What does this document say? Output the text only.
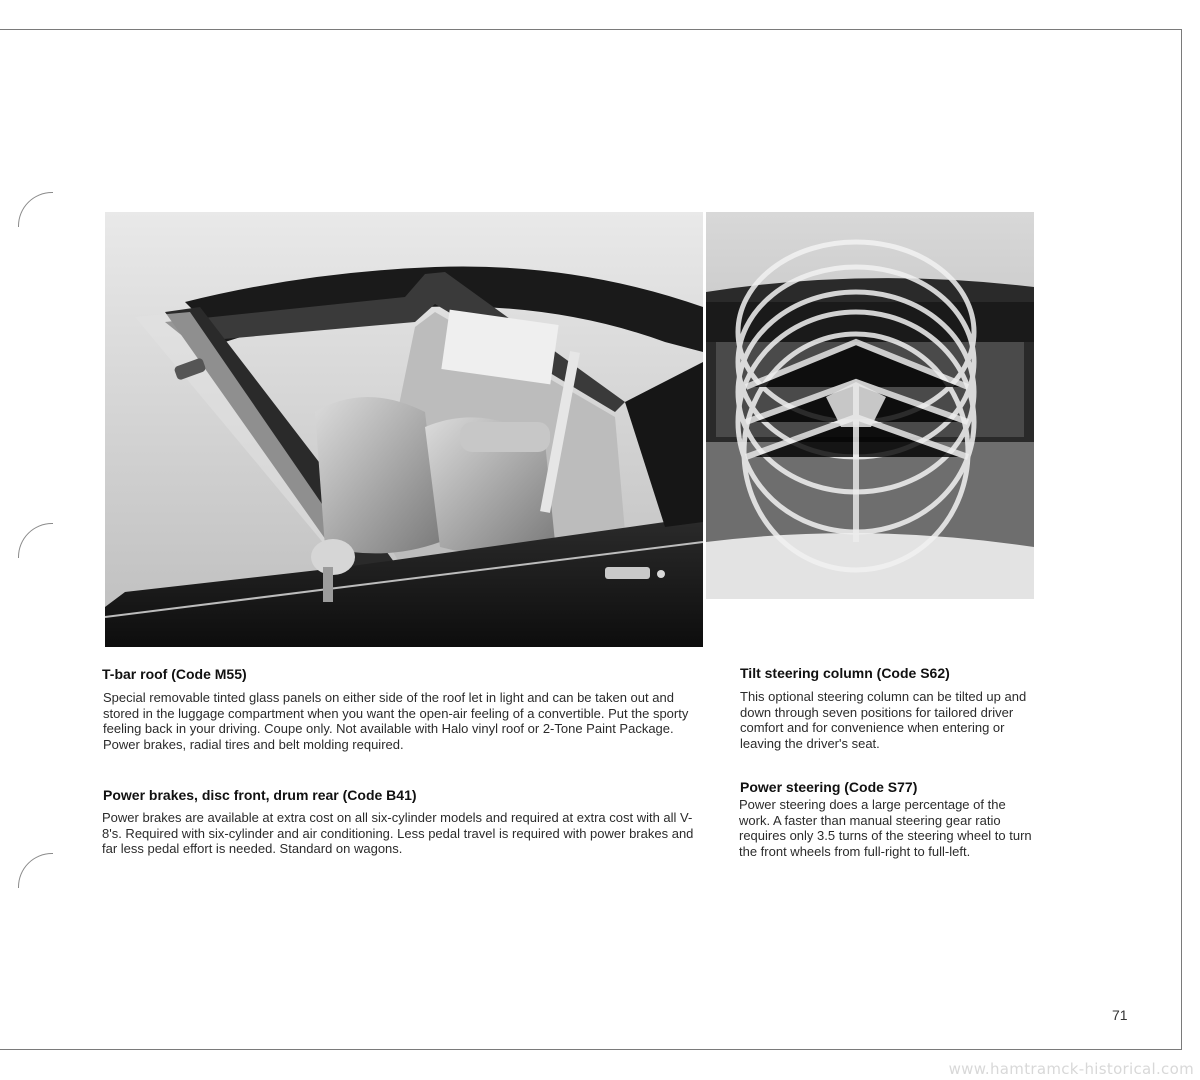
T-bar roof (Code M55)

Special removable tinted glass panels on either side of the roof let in light and can be taken out and stored in the luggage compartment when you want the open-air feeling of a convertible. Put the sporty feeling back in your driving. Coupe only. Not available with Halo vinyl roof or 2-Tone Paint Package. Power brakes, radial tires and belt molding required.

Power brakes, disc front, drum rear (Code B41)

Power brakes are available at extra cost on all six-cylinder models and required at extra cost with all V-8's. Required with six-cylinder and air conditioning. Less pedal travel is required with power brakes and far less pedal effort is needed. Standard on wagons.

Tilt steering column (Code S62)

This optional steering column can be tilted up and down through seven positions for tailored driver comfort and for convenience when entering or leaving the driver's seat.

Power steering (Code S77)

Power steering does a large percentage of the work. A faster than manual steering gear ratio requires only 3.5 turns of the steering wheel to turn the front wheels from full-right to full-left.

71
www.hamtramck-historical.com
